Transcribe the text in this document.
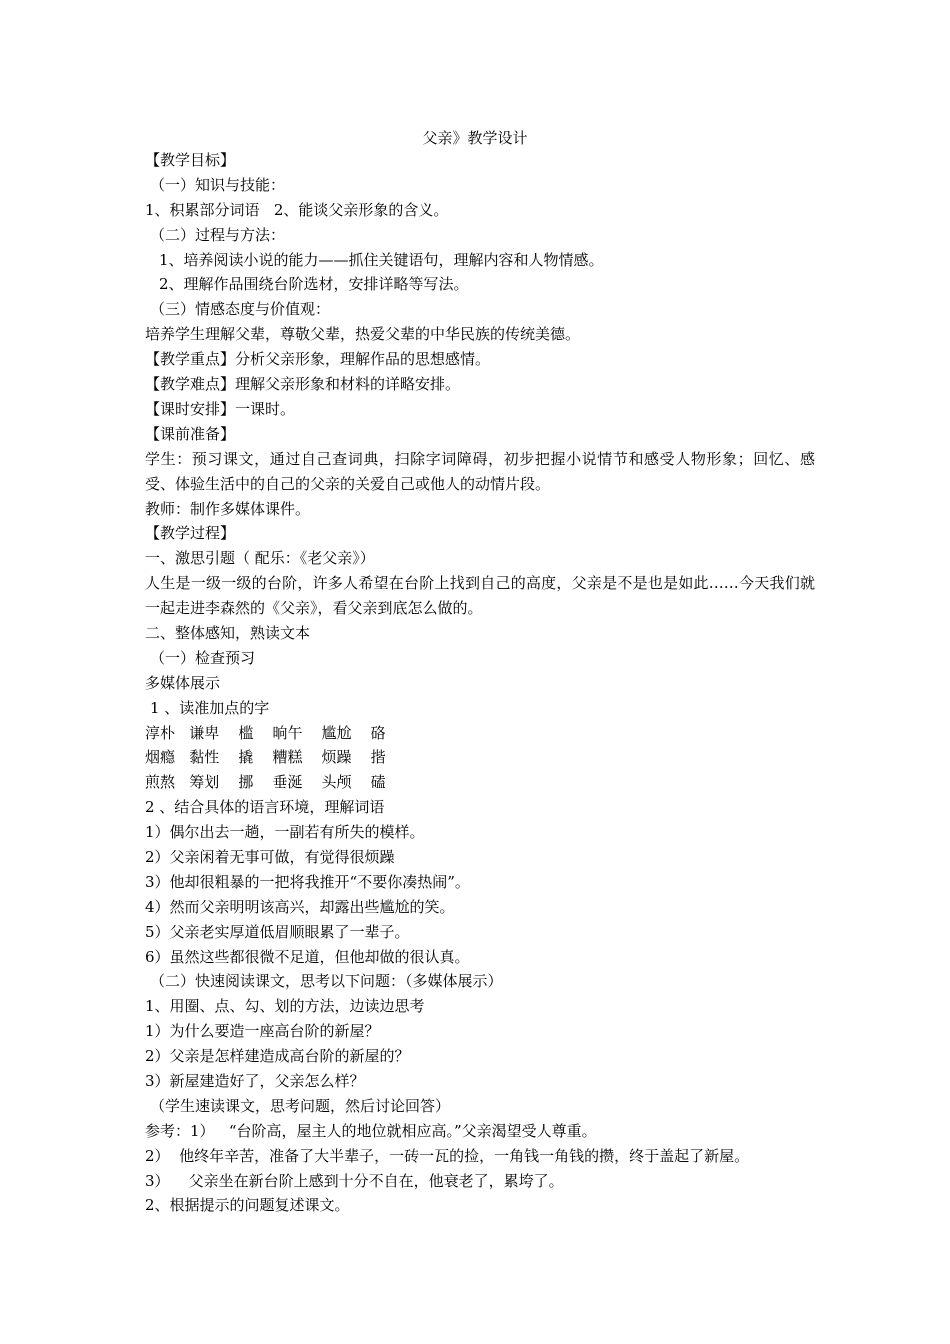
父亲》教学设计
【教学目标】
（一）知识与技能：
1、积累部分词语   2、能谈父亲形象的含义。
（二）过程与方法：
1、培养阅读小说的能力——抓住关键语句，理解内容和人物情感。
2、理解作品围绕台阶选材，安排详略等写法。
（三）情感态度与价值观：
培养学生理解父辈，尊敬父辈，热爱父辈的中华民族的传统美德。
【教学重点】分析父亲形象，理解作品的思想感情。
【教学难点】理解父亲形象和材料的详略安排。
【课时安排】一课时。
【课前准备】
学生：预习课文，通过自己查词典，扫除字词障碍，初步把握小说情节和感受人物形象；回忆、感受、体验生活中的自己的父亲的关爱自己或他人的动情片段。
教师：制作多媒体课件。
【教学过程】
一、激思引题（ 配乐：《老父亲》）
人生是一级一级的台阶，许多人希望在台阶上找到自己的高度，父亲是不是也是如此……今天我们就一起走进李森然的《父亲》，看父亲到底怎么做的。
二、整体感知，熟读文本
（一）检查预习
多媒体展示
1 、读准加点的字
淳朴   谦卑    槛    晌午    尴尬    硌
烟瘾   黏性    撬    糟糕    烦躁    揩
煎熬   筹划    挪    垂涎    头颅    磕
2 、结合具体的语言环境，理解词语
1）偶尔出去一趟，一副若有所失的模样。
2）父亲闲着无事可做，有觉得很烦躁
3）他却很粗暴的一把将我推开“不要你凑热闹”。
4）然而父亲明明该高兴，却露出些尴尬的笑。
5）父亲老实厚道低眉顺眼累了一辈子。
6）虽然这些都很微不足道，但他却做的很认真。
（二）快速阅读课文，思考以下问题：（多媒体展示）
1、用圈、点、勾、划的方法，边读边思考
1）为什么要造一座高台阶的新屋？
2）父亲是怎样建造成高台阶的新屋的？
3）新屋建造好了，父亲怎么样？
（学生速读课文，思考问题，然后讨论回答）
参考：1）   “台阶高，屋主人的地位就相应高。”父亲渴望受人尊重。
2）  他终年辛苦，准备了大半辈子，一砖一瓦的捡，一角钱一角钱的攒，终于盖起了新屋。
3）    父亲坐在新台阶上感到十分不自在，他衰老了，累垮了。
2、根据提示的问题复述课文。
